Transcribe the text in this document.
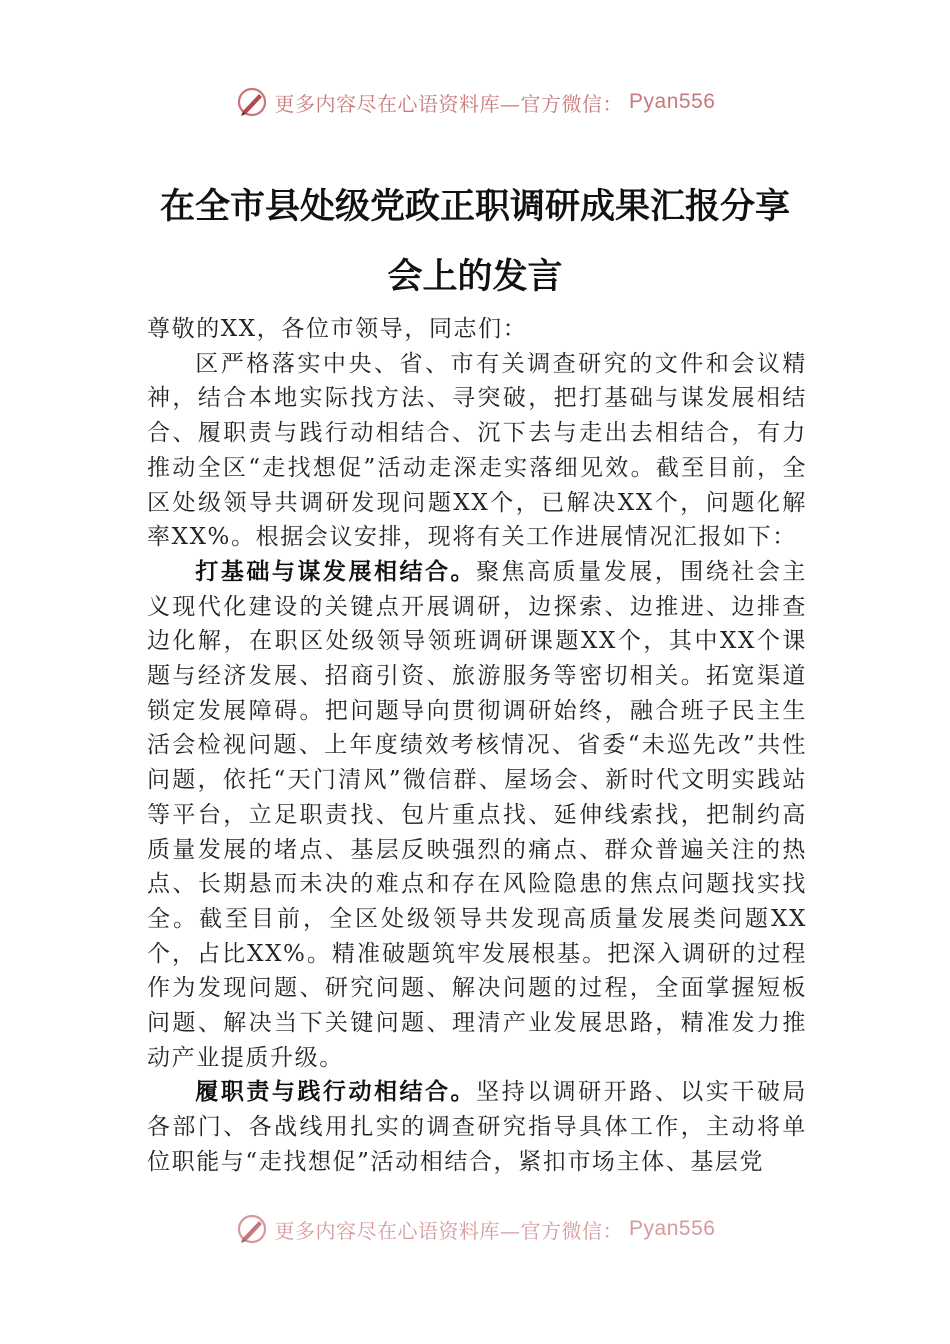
更多内容尽在心语资料库—官方微信： Pyan556
在全市县处级党政正职调研成果汇报分享
会上的发言

尊敬的XX，各位市领导，同志们：

区严格落实中央、省、市有关调查研究的文件和会议精神，结合本地实际找方法、寻突破，把打基础与谋发展相结合、履职责与践行动相结合、沉下去与走出去相结合，有力推动全区“走找想促”活动走深走实落细见效。截至目前，全区处级领导共调研发现问题XX个，已解决XX个，问题化解率XX%。根据会议安排，现将有关工作进展情况汇报如下：

打基础与谋发展相结合。聚焦高质量发展，围绕社会主义现代化建设的关键点开展调研，边探索、边推进、边排查边化解，在职区处级领导领班调研课题XX个，其中XX个课题与经济发展、招商引资、旅游服务等密切相关。拓宽渠道锁定发展障碍。把问题导向贯彻调研始终，融合班子民主生活会检视问题、上年度绩效考核情况、省委“未巡先改”共性问题，依托“天门清风”微信群、屋场会、新时代文明实践站等平台，立足职责找、包片重点找、延伸线索找，把制约高质量发展的堵点、基层反映强烈的痛点、群众普遍关注的热点、长期悬而未决的难点和存在风险隐患的焦点问题找实找全。截至目前，全区处级领导共发现高质量发展类问题XX个，占比XX%。精准破题筑牢发展根基。把深入调研的过程作为发现问题、研究问题、解决问题的过程，全面掌握短板问题、解决当下关键问题、理清产业发展思路，精准发力推动产业提质升级。

履职责与践行动相结合。坚持以调研开路、以实干破局各部门、各战线用扎实的调查研究指导具体工作，主动将单位职能与“走找想促”活动相结合，紧扣市场主体、基层党

更多内容尽在心语资料库—官方微信： Pyan556
